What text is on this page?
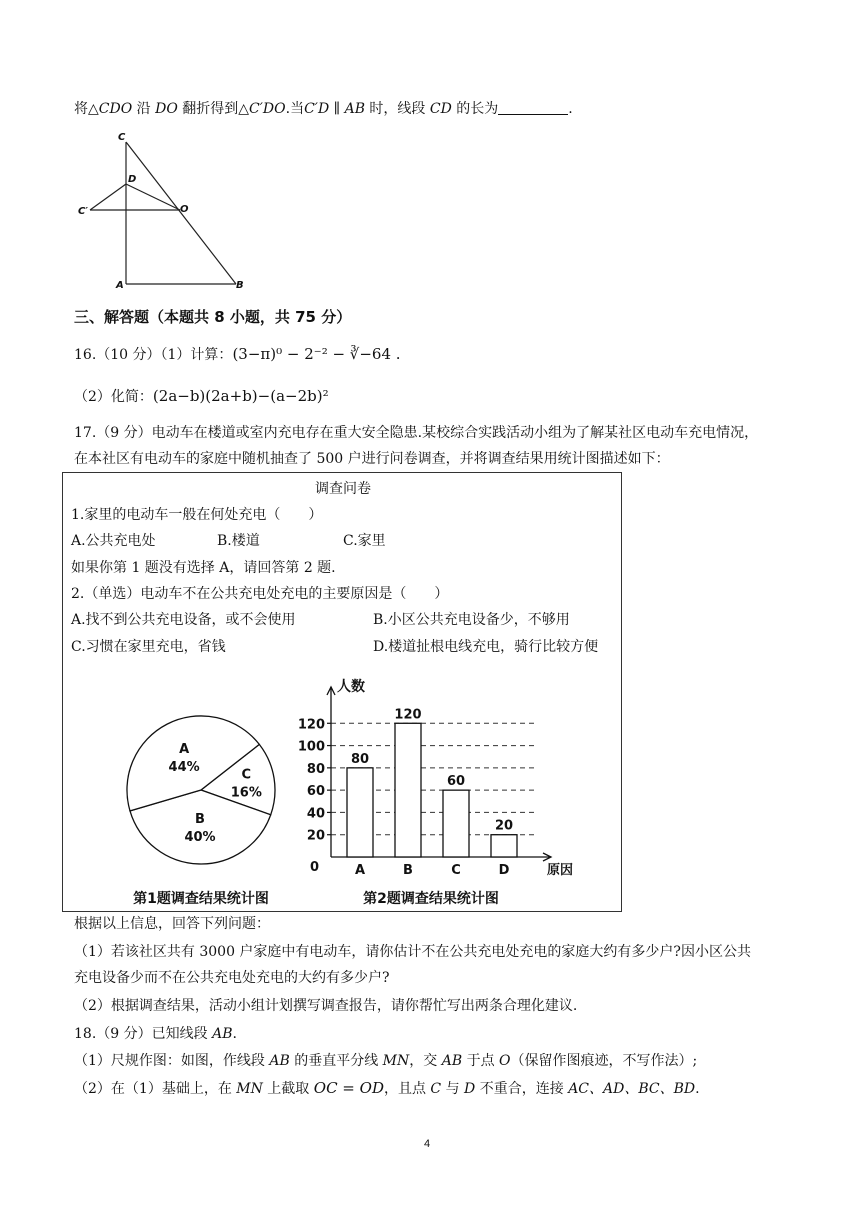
将△CDO 沿 DO 翻折得到△C′DO.当C′D ∥ AB 时，线段 CD 的长为	.
C
D
C′	O
A	B
三、解答题（本题共 8 小题，共 75 分）
16.（10 分）（1）计算：(3−π)⁰ − 2⁻² − ∛−64 .
（2）化简：(2a−b)(2a+b)−(a−2b)²
17.（9 分）电动车在楼道或室内充电存在重大安全隐患.某校综合实践活动小组为了解某社区电动车充电情况，
在本社区有电动车的家庭中随机抽查了 500 户进行问卷调查，并将调查结果用统计图描述如下：
调查问卷
1.家里的电动车一般在何处充电（　　）
A.公共充电处	B.楼道	C.家里
如果你第 1 题没有选择 A，请回答第 2 题.
2.（单选）电动车不在公共充电处充电的主要原因是（　　）
A.找不到公共充电设备，或不会使用	B.小区公共充电设备少，不够用
C.习惯在家里充电，省钱	D.楼道扯根电线充电，骑行比较方便
A
44%
B
40%
C
16%
第1题调查结果统计图
0
20
40
60
80
100
120
80
120
60
20
A	B	C	D
人数
原因
第2题调查结果统计图
根据以上信息，回答下列问题：
（1）若该社区共有 3000 户家庭中有电动车，请你估计不在公共充电处充电的家庭大约有多少户?因小区公共
充电设备少而不在公共充电处充电的大约有多少户?
（2）根据调查结果，活动小组计划撰写调查报告，请你帮忙写出两条合理化建议.
18.（9 分）已知线段 AB.
（1）尺规作图：如图，作线段 AB 的垂直平分线 MN，交 AB 于点 O（保留作图痕迹，不写作法）;
（2）在（1）基础上，在 MN 上截取 OC = OD，且点 C 与 D 不重合，连接 AC、AD、BC、BD.
4
